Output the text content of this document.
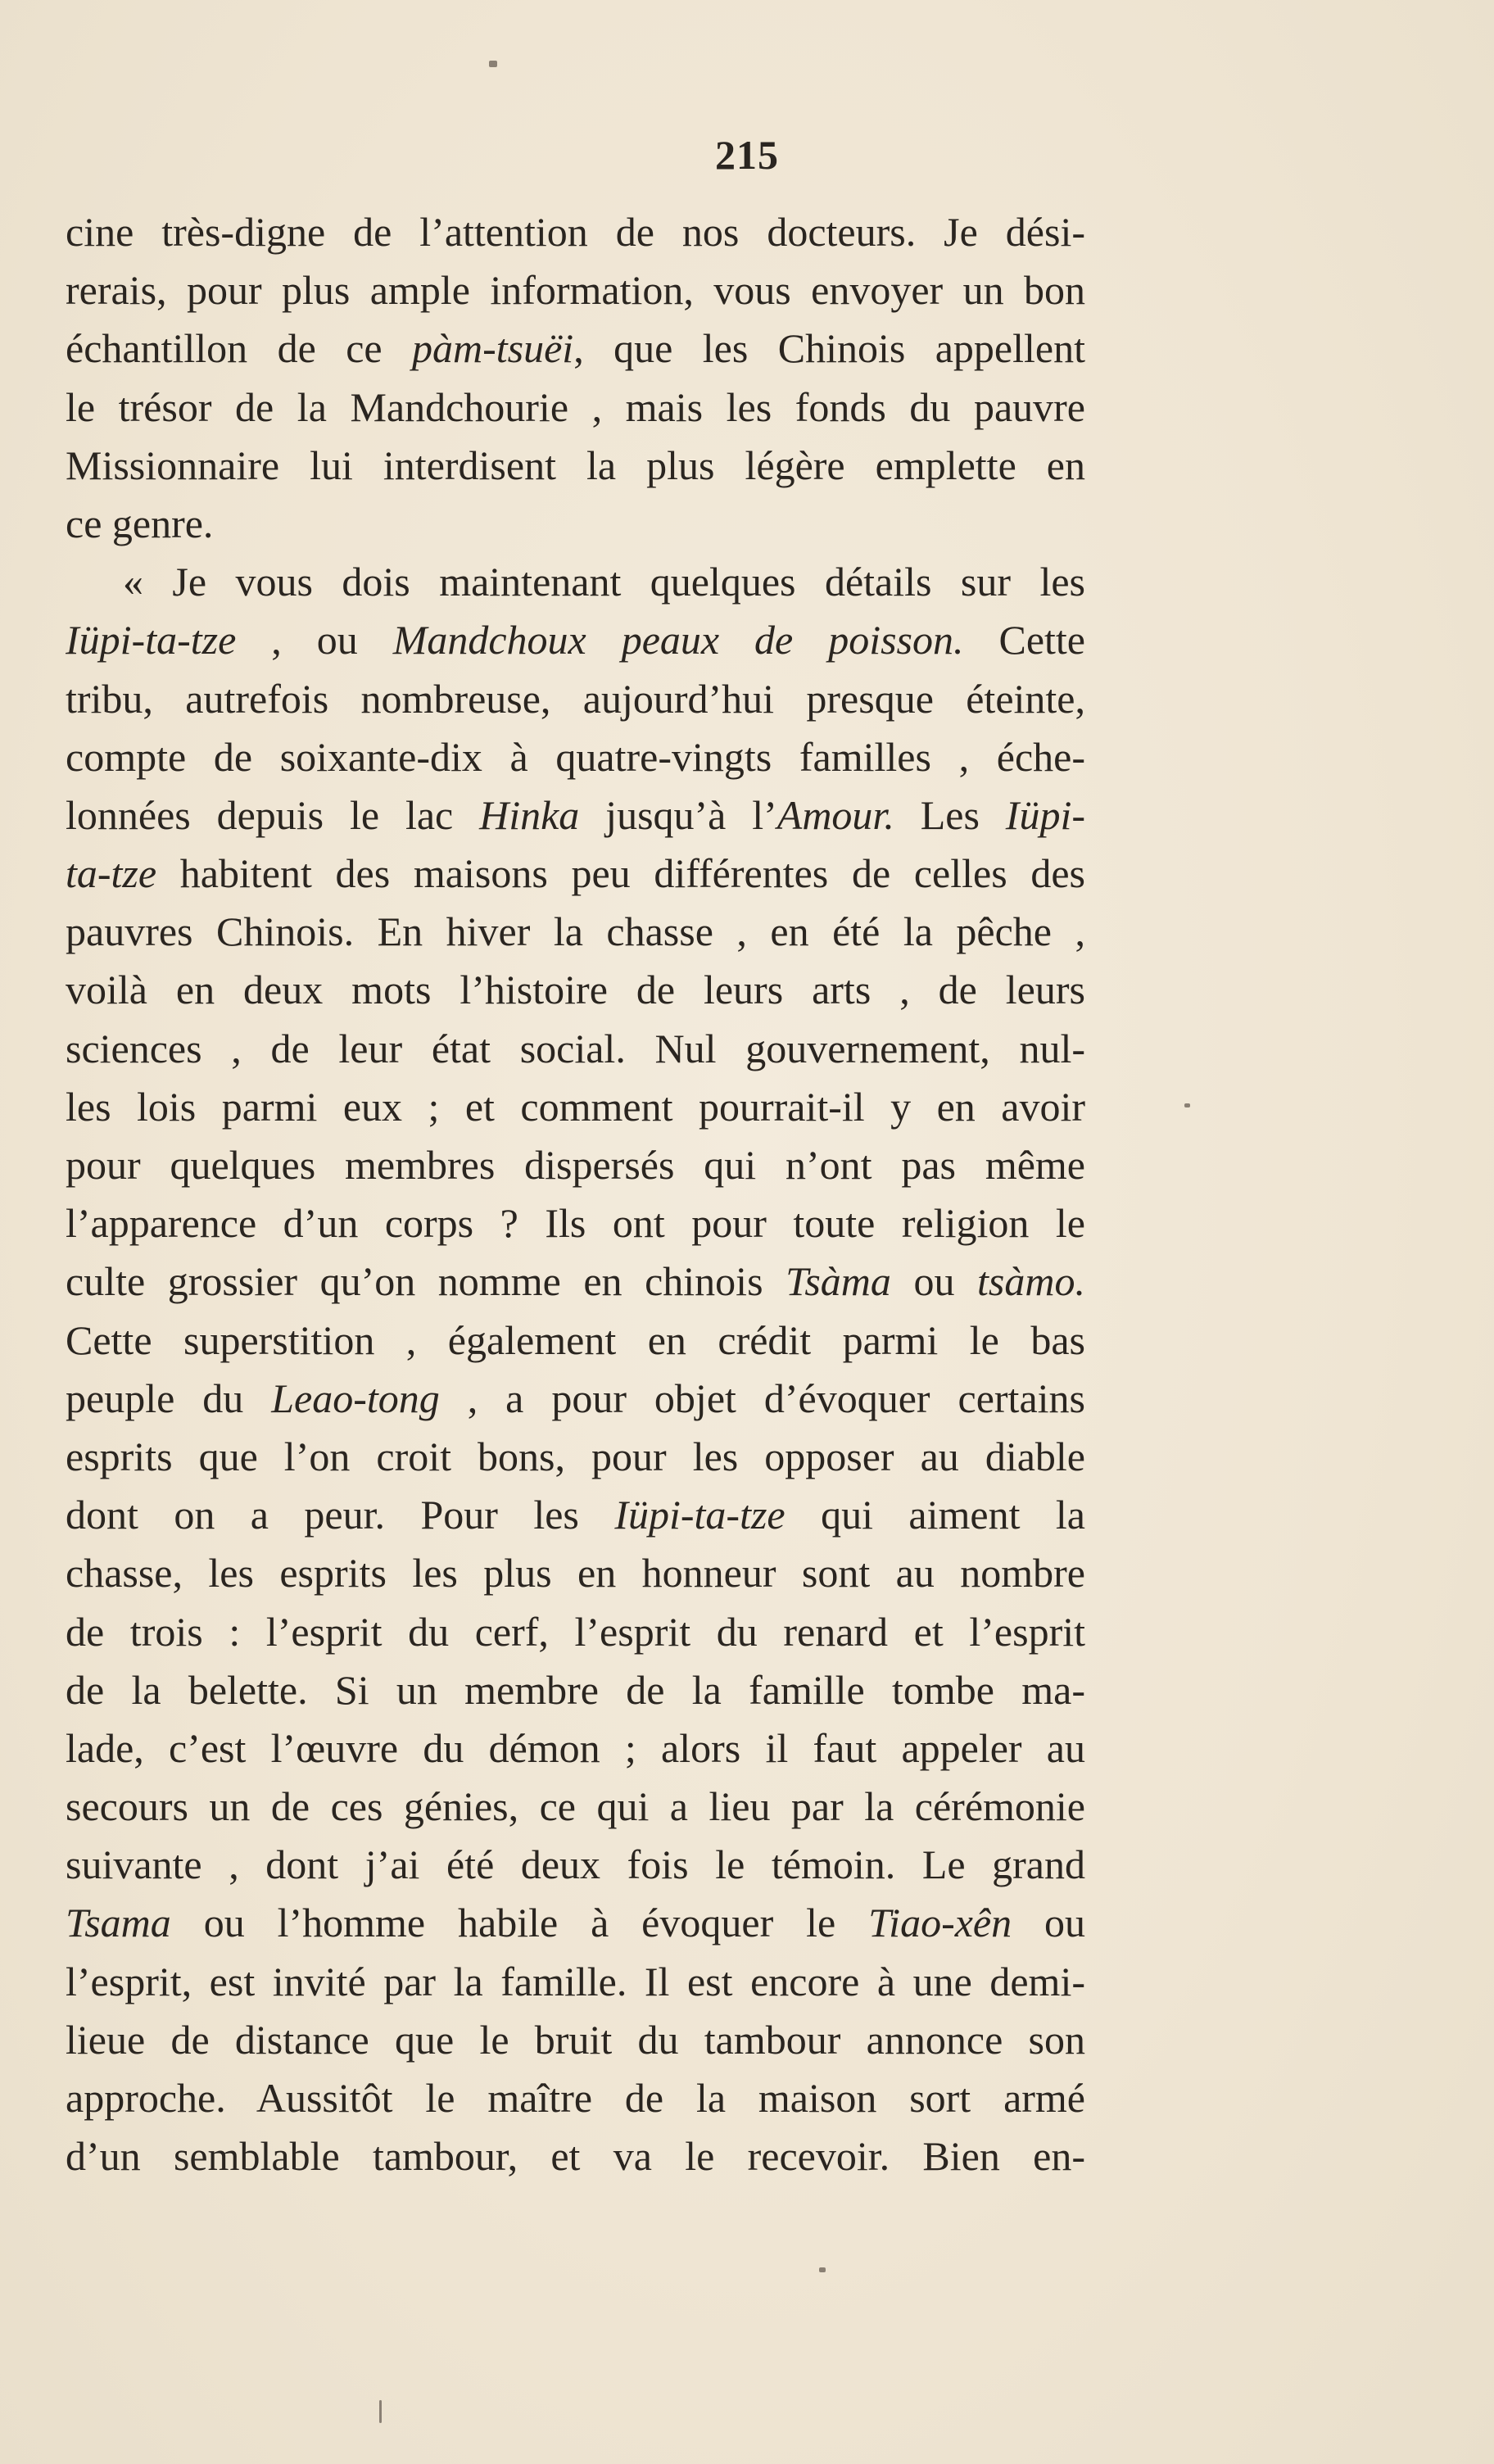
215
cine très-digne de l’attention de nos docteurs. Je dési-
rerais, pour plus ample information, vous envoyer un bon
échantillon de ce pàm-tsuëi, que les Chinois appellent
le trésor de la Mandchourie , mais les fonds du pauvre
Missionnaire lui interdisent la plus légère emplette en
ce genre.
« Je vous dois maintenant quelques détails sur les
Iüpi-ta-tze , ou Mandchoux peaux de poisson. Cette
tribu, autrefois nombreuse, aujourd’hui presque éteinte,
compte de soixante-dix à quatre-vingts familles , éche-
lonnées depuis le lac Hinka jusqu’à l’Amour. Les Iüpi-
ta-tze habitent des maisons peu différentes de celles des
pauvres Chinois. En hiver la chasse , en été la pêche ,
voilà en deux mots l’histoire de leurs arts , de leurs
sciences , de leur état social. Nul gouvernement, nul-
les lois parmi eux ; et comment pourrait-il y en avoir
pour quelques membres dispersés qui n’ont pas même
l’apparence d’un corps ? Ils ont pour toute religion le
culte grossier qu’on nomme en chinois Tsàma ou tsàmo.
Cette superstition , également en crédit parmi le bas
peuple du Leao-tong , a pour objet d’évoquer certains
esprits que l’on croit bons, pour les opposer au diable
dont on a peur. Pour les Iüpi-ta-tze qui aiment la
chasse, les esprits les plus en honneur sont au nombre
de trois : l’esprit du cerf, l’esprit du renard et l’esprit
de la belette. Si un membre de la famille tombe ma-
lade, c’est l’œuvre du démon ; alors il faut appeler au
secours un de ces génies, ce qui a lieu par la cérémonie
suivante , dont j’ai été deux fois le témoin. Le grand
Tsama ou l’homme habile à évoquer le Tiao-xên ou
l’esprit, est invité par la famille. Il est encore à une demi-
lieue de distance que le bruit du tambour annonce son
approche. Aussitôt le maître de la maison sort armé
d’un semblable tambour, et va le recevoir. Bien en-
